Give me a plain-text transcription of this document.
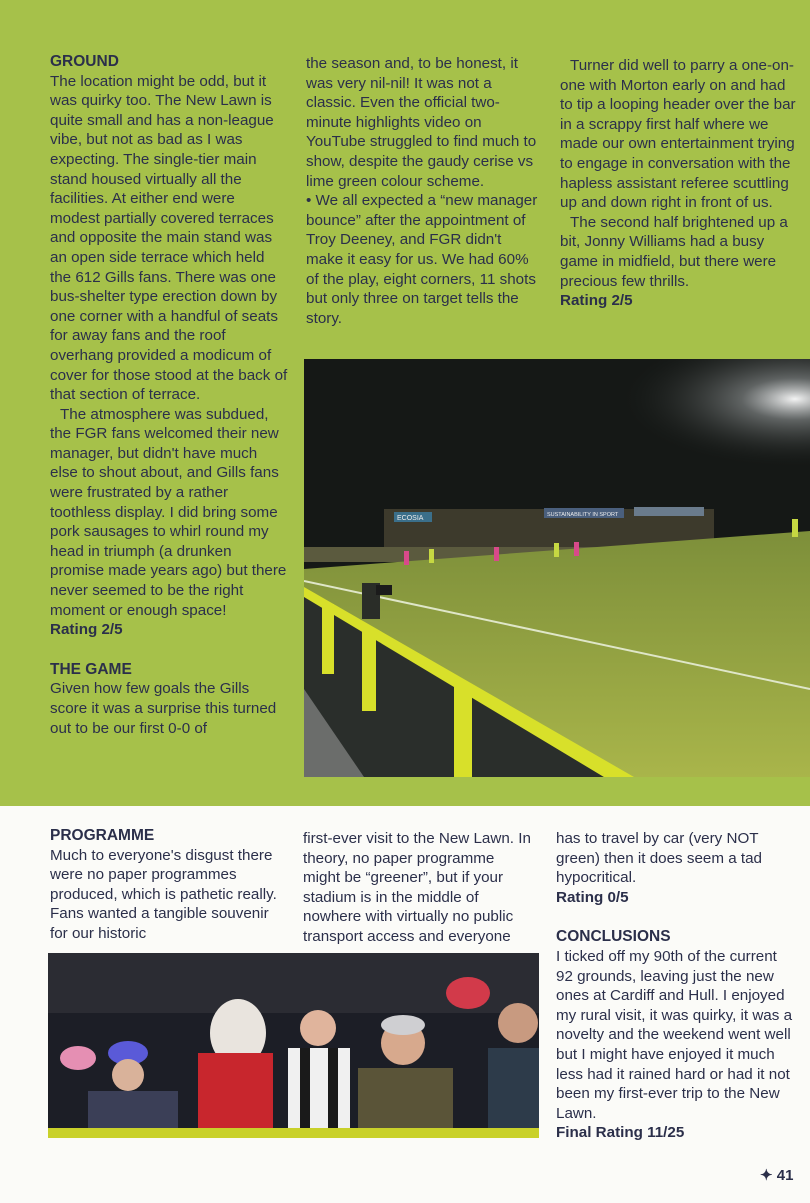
GROUND

The location might be odd, but it was quirky too. The New Lawn is quite small and has a non-league vibe, but not as bad as I was expecting. The single-tier main stand housed virtually all the facilities. At either end were modest partially covered terraces and opposite the main stand was an open side terrace which held the 612 Gills fans. There was one bus-shelter type erection down by one corner with a handful of seats for away fans and the roof overhang provided a modicum of cover for those stood at the back of that section of terrace.

The atmosphere was subdued, the FGR fans welcomed their new manager, but didn't have much else to shout about, and Gills fans were frustrated by a rather toothless display. I did bring some pork sausages to whirl round my head in triumph (a drunken promise made years ago) but there never seemed to be the right moment or enough space!

Rating 2/5

THE GAME

Given how few goals the Gills score it was a surprise this turned out to be our first 0-0 of

the season and, to be honest, it was very nil-nil! It was not a classic. Even the official two-minute highlights video on YouTube struggled to find much to show, despite the gaudy cerise vs lime green colour scheme.

• We all expected a “new manager bounce” after the appointment of Troy Deeney, and FGR didn't make it easy for us. We had 60% of the play, eight corners, 11 shots but only three on target tells the story.

Turner did well to parry a one-on-one with Morton early on and had to tip a looping header over the bar in a scrappy first half where we made our own entertainment trying to engage in conversation with the hapless assistant referee scuttling up and down right in front of us.

The second half brightened up a bit, Jonny Williams had a busy game in midfield, but there were precious few thrills.

Rating 2/5

ECOSIA	SUSTAINABILITY IN SPORT
PROGRAMME

Much to everyone's disgust there were no paper programmes produced, which is pathetic really. Fans wanted a tangible souvenir for our historic

first-ever visit to the New Lawn. In theory, no paper programme might be “greener”, but if your stadium is in the middle of nowhere with virtually no public transport access and everyone

has to travel by car (very NOT green) then it does seem a tad hypocritical.

Rating 0/5

CONCLUSIONS

I ticked off my 90th of the current 92 grounds, leaving just the new ones at Cardiff and Hull. I enjoyed my rural visit, it was quirky, it was a novelty and the weekend went well but I might have enjoyed it much less had it rained hard or had it not been my first-ever trip to the New Lawn.

Final Rating 11/25

✦ 41
